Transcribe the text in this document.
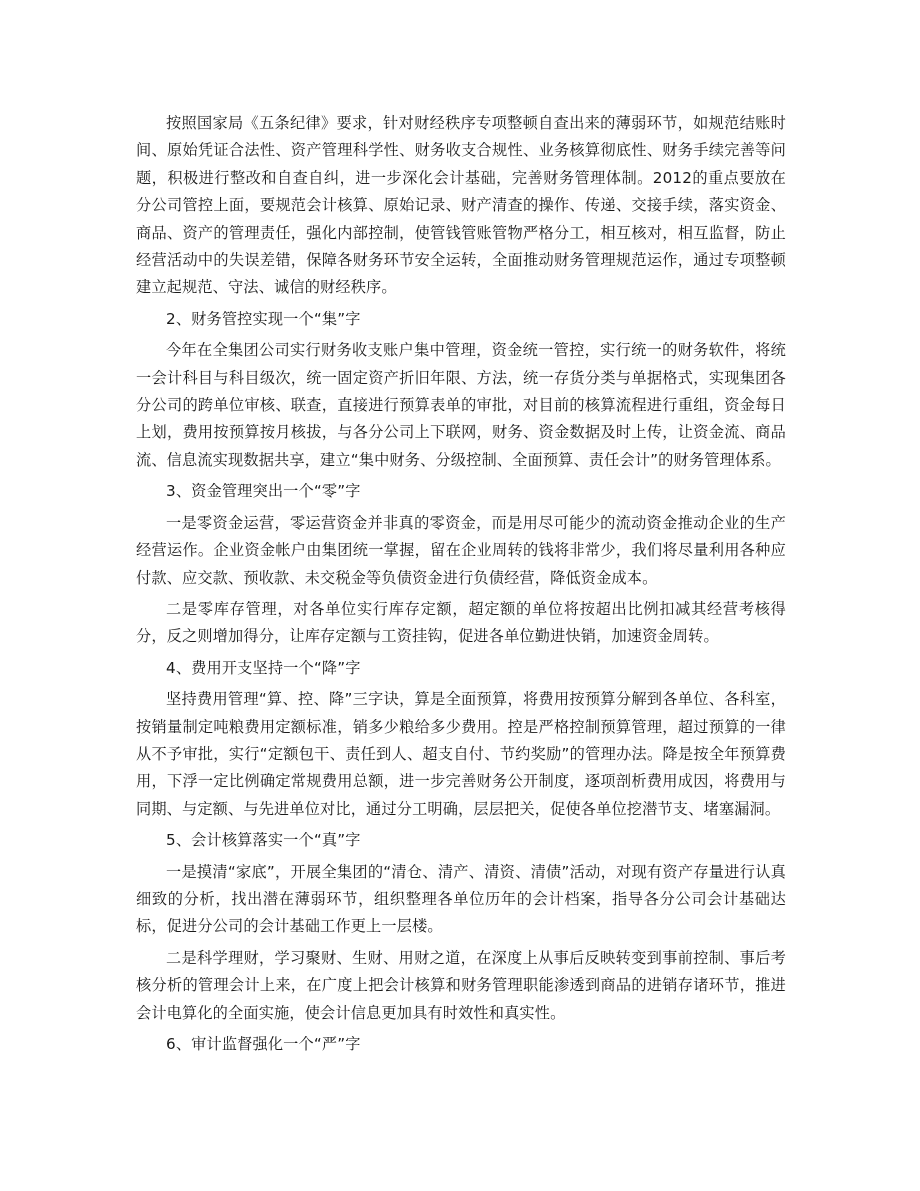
按照国家局《五条纪律》要求，针对财经秩序专项整顿自查出来的薄弱环节，如规范结账时间、原始凭证合法性、资产管理科学性、财务收支合规性、业务核算彻底性、财务手续完善等问题，积极进行整改和自查自纠，进一步深化会计基础，完善财务管理体制。2012的重点要放在分公司管控上面，要规范会计核算、原始记录、财产清查的操作、传递、交接手续，落实资金、商品、资产的管理责任，强化内部控制，使管钱管账管物严格分工，相互核对，相互监督，防止经营活动中的失误差错，保障各财务环节安全运转，全面推动财务管理规范运作，通过专项整顿建立起规范、守法、诚信的财经秩序。

2、财务管控实现一个“集”字

今年在全集团公司实行财务收支账户集中管理，资金统一管控，实行统一的财务软件，将统一会计科目与科目级次，统一固定资产折旧年限、方法，统一存货分类与单据格式，实现集团各分公司的跨单位审核、联查，直接进行预算表单的审批，对目前的核算流程进行重组，资金每日上划，费用按预算按月核拔，与各分公司上下联网，财务、资金数据及时上传，让资金流、商品流、信息流实现数据共享，建立“集中财务、分级控制、全面预算、责任会计”的财务管理体系。

3、资金管理突出一个“零”字

一是零资金运营，零运营资金并非真的零资金，而是用尽可能少的流动资金推动企业的生产经营运作。企业资金帐户由集团统一掌握，留在企业周转的钱将非常少，我们将尽量利用各种应付款、应交款、预收款、未交税金等负债资金进行负债经营，降低资金成本。

二是零库存管理，对各单位实行库存定额，超定额的单位将按超出比例扣减其经营考核得分，反之则增加得分，让库存定额与工资挂钩，促进各单位勤进快销，加速资金周转。

4、费用开支坚持一个“降”字

坚持费用管理“算、控、降”三字诀，算是全面预算，将费用按预算分解到各单位、各科室，按销量制定吨粮费用定额标准，销多少粮给多少费用。控是严格控制预算管理，超过预算的一律从不予审批，实行“定额包干、责任到人、超支自付、节约奖励”的管理办法。降是按全年预算费用，下浮一定比例确定常规费用总额，进一步完善财务公开制度，逐项剖析费用成因，将费用与同期、与定额、与先进单位对比，通过分工明确，层层把关，促使各单位挖潜节支、堵塞漏洞。

5、会计核算落实一个“真”字

一是摸清“家底”，开展全集团的“清仓、清产、清资、清债”活动，对现有资产存量进行认真细致的分析，找出潜在薄弱环节，组织整理各单位历年的会计档案，指导各分公司会计基础达标，促进分公司的会计基础工作更上一层楼。

二是科学理财，学习聚财、生财、用财之道，在深度上从事后反映转变到事前控制、事后考核分析的管理会计上来，在广度上把会计核算和财务管理职能渗透到商品的进销存诸环节，推进会计电算化的全面实施，使会计信息更加具有时效性和真实性。

6、审计监督强化一个“严”字
